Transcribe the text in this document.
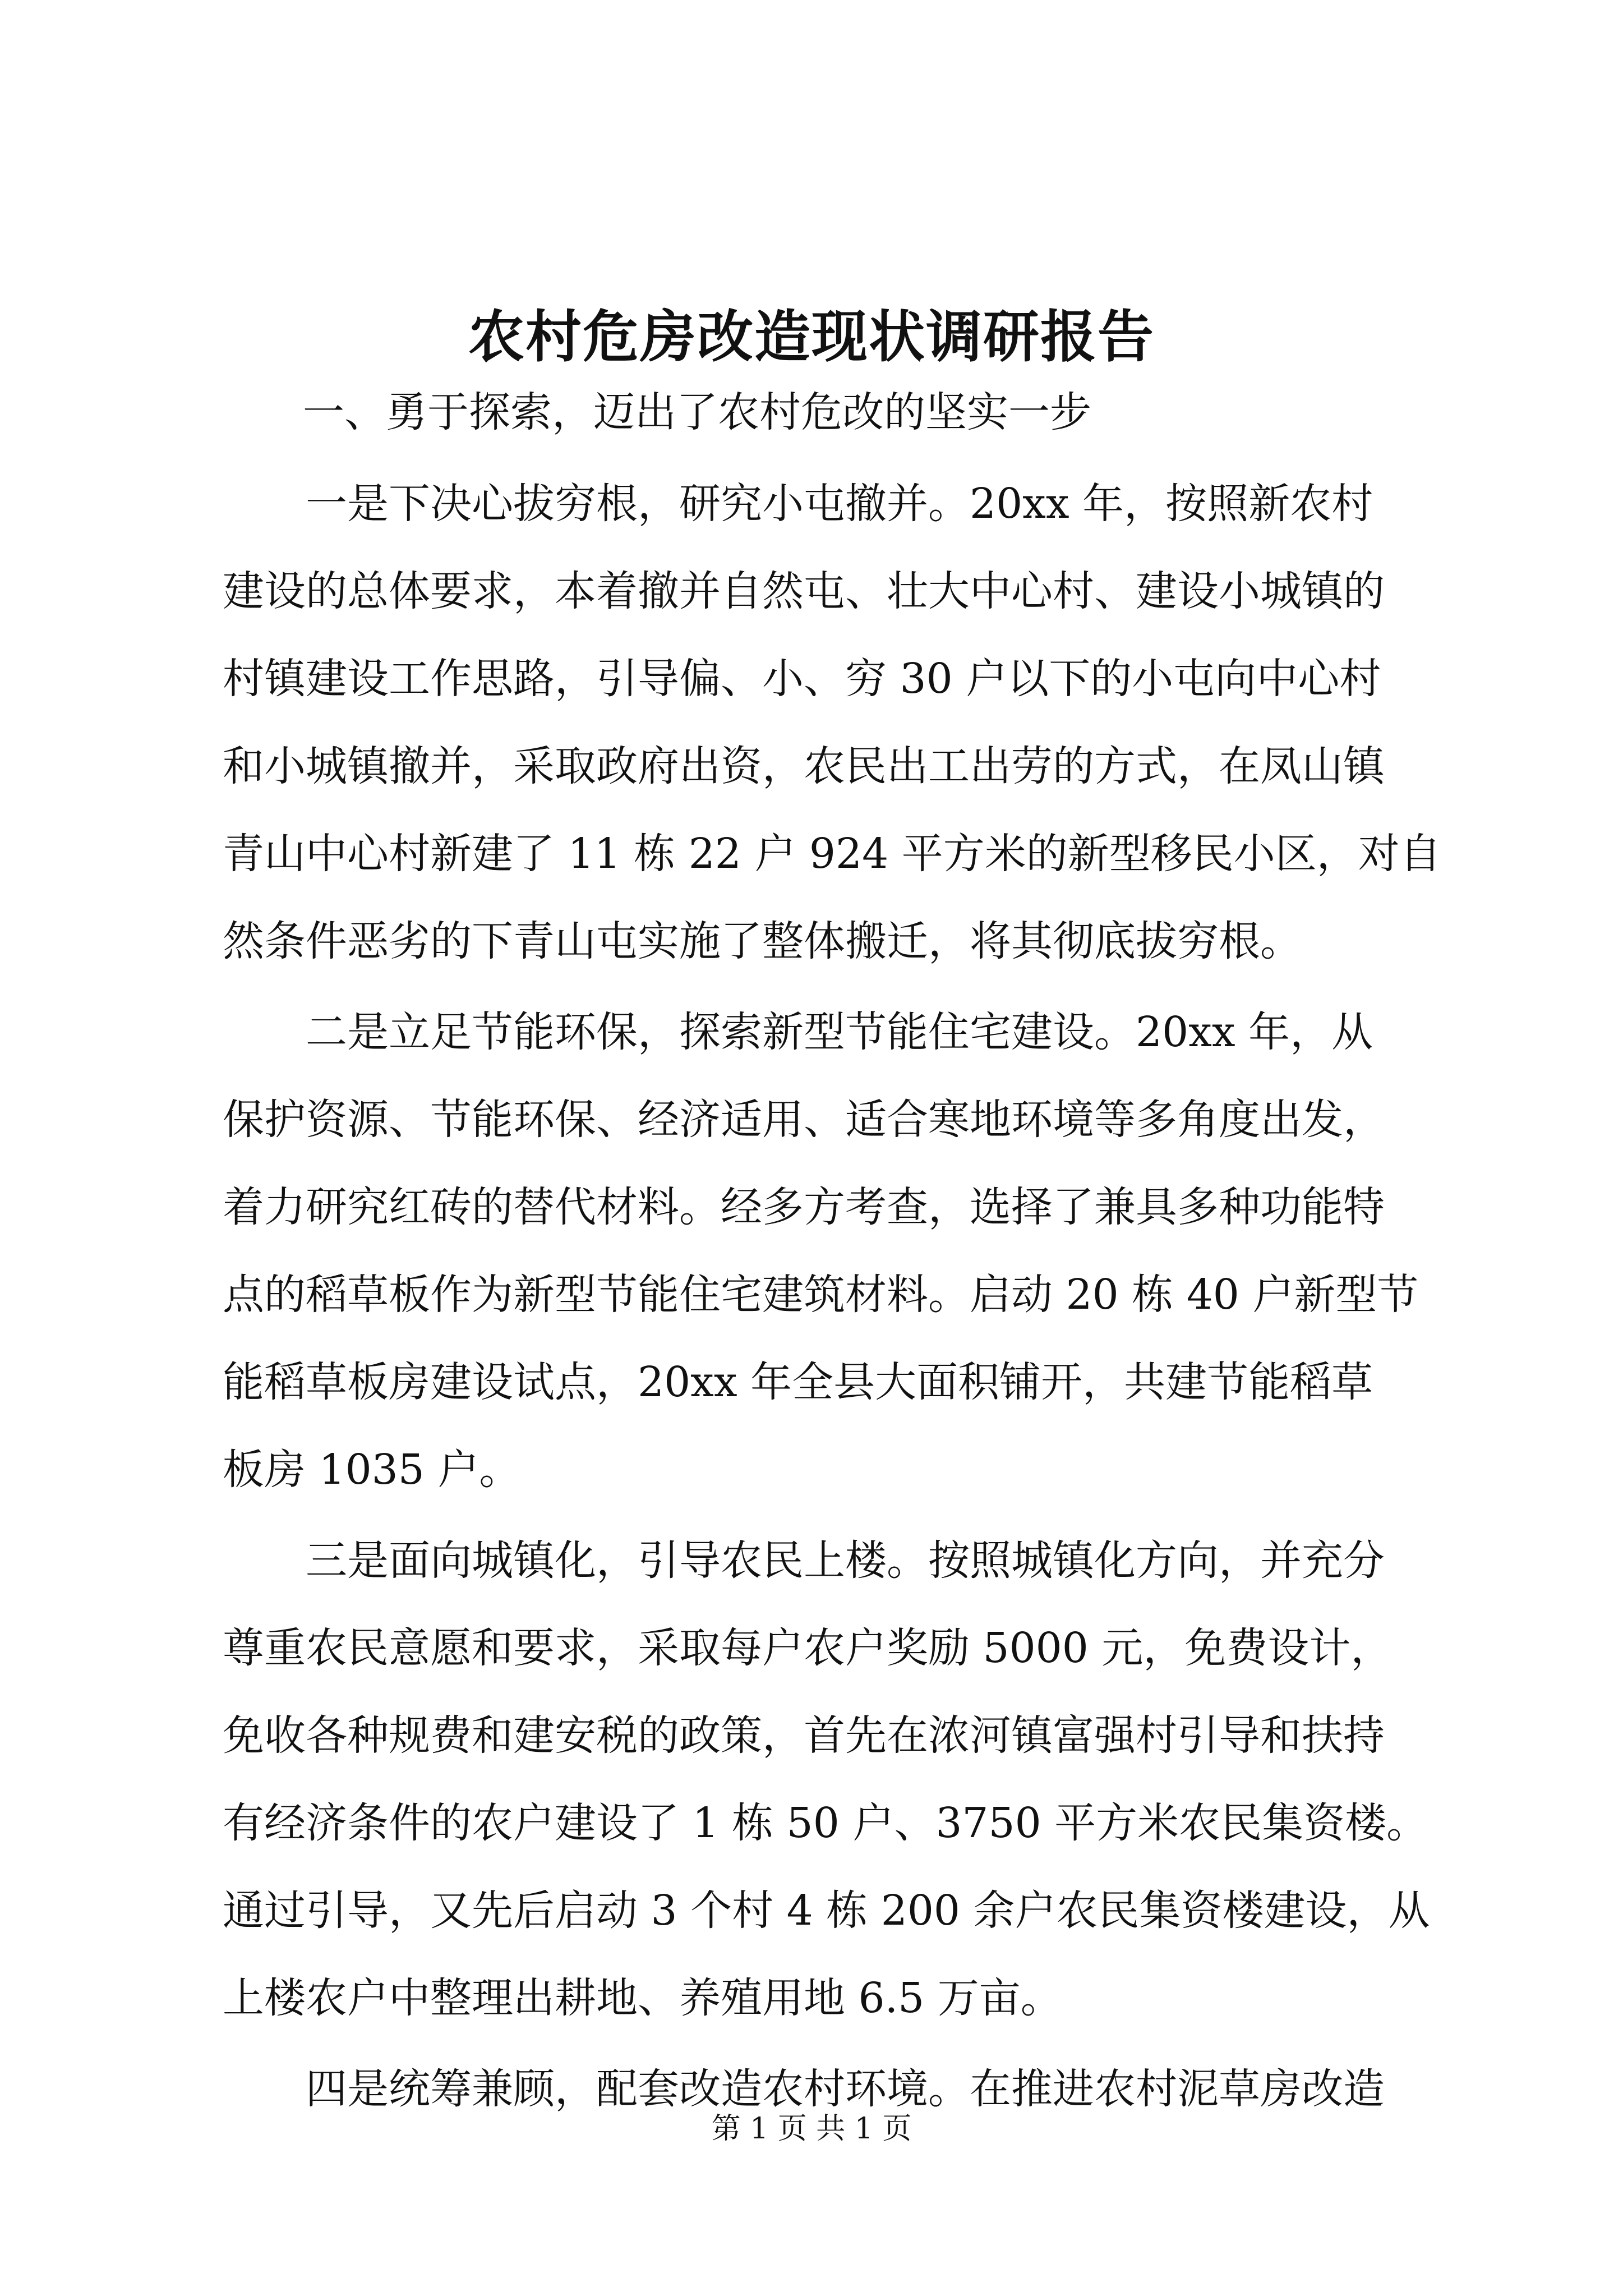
农村危房改造现状调研报告

一、勇于探索，迈出了农村危改的坚实一步

一是下决心拔穷根，研究小屯撤并。20xx 年，按照新农村

建设的总体要求，本着撤并自然屯、壮大中心村、建设小城镇的

村镇建设工作思路，引导偏、小、穷 30 户以下的小屯向中心村

和小城镇撤并，采取政府出资，农民出工出劳的方式，在凤山镇

青山中心村新建了 11 栋 22 户 924 平方米的新型移民小区，对自

然条件恶劣的下青山屯实施了整体搬迁，将其彻底拔穷根。

二是立足节能环保，探索新型节能住宅建设。20xx 年，从

保护资源、节能环保、经济适用、适合寒地环境等多角度出发，

着力研究红砖的替代材料。经多方考查，选择了兼具多种功能特

点的稻草板作为新型节能住宅建筑材料。启动 20 栋 40 户新型节

能稻草板房建设试点，20xx 年全县大面积铺开，共建节能稻草

板房 1035 户。

三是面向城镇化，引导农民上楼。按照城镇化方向，并充分

尊重农民意愿和要求，采取每户农户奖励 5000 元，免费设计，

免收各种规费和建安税的政策，首先在浓河镇富强村引导和扶持

有经济条件的农户建设了 1 栋 50 户、3750 平方米农民集资楼。

通过引导，又先后启动 3 个村 4 栋 200 余户农民集资楼建设，从

上楼农户中整理出耕地、养殖用地 6.5 万亩。

四是统筹兼顾，配套改造农村环境。在推进农村泥草房改造

第 1 页 共 1 页
